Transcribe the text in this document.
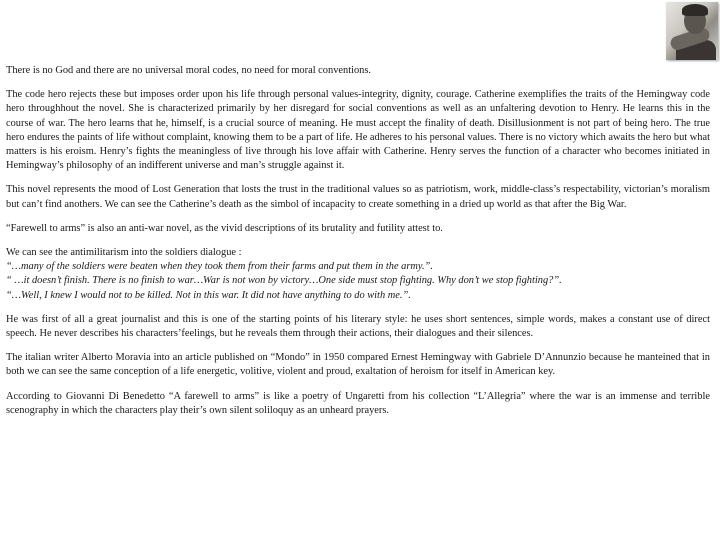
There is no God and there are no universal moral codes, no need for moral conventions.

The code hero rejects these but imposes order upon his life through personal values-integrity, dignity, courage. Catherine exemplifies the traits of the Hemingway code hero throughhout the novel. She is characterized primarily by her disregard for social conventions as well as an unfaltering devotion to Henry. He learns this in the course of war. The hero learns that he, himself, is a crucial source of meaning. He must accept the finality of death. Disillusionment is not part of being hero. The true hero endures the paints of life without complaint, knowing them to be a part of life. He adheres to his personal values. There is no victory which awaits the hero but what matters is his eroism. Henry’s fights the meaningless of live through his love affair with Catherine. Henry serves the function of a character who becomes initiated in Hemingway’s philosophy of an indifferent universe and man’s struggle against it.

This novel represents the mood of Lost Generation that losts the trust in the traditional values so as patriotism, work, middle-class’s respectability, victorian’s moralism but can’t find anothers. We can see the Catherine’s death as the simbol of incapacity to create something in a dried up world as that after the Big War.

“Farewell to arms” is also an anti-war novel, as the vivid descriptions of its brutality and futility attest to.

We can see the antimilitarism into the soldiers dialogue :
“…many of the soldiers were beaten when they took them from their farms and put them in the army.”.
“ …it doesn’t finish. There is no finish to war…War is not won by victory…One side must stop fighting. Why don’t we stop fighting?”.
“…Well, I knew I would not to be killed. Not in this war. It did not have anything to do with me.”.

He was first of all a great journalist and this is one of the starting points of his literary style: he uses short sentences, simple words, makes a constant use of direct speech. He never describes his characters’feelings, but he reveals them through their actions, their dialogues and their silences.

The italian writer Alberto Moravia into an article published on “Mondo” in 1950 compared Ernest Hemingway with Gabriele D’Annunzio because he manteined that in both we can see the same conception of a life energetic, volitive, violent and proud, exaltation of heroism for itself in American key.

According to Giovanni Di Benedetto “A farewell to arms” is like a poetry of Ungaretti from his collection “L’Allegria” where the war is an immense and terrible scenography in which the characters play their’s own silent soliloquy as an unheard prayers.
